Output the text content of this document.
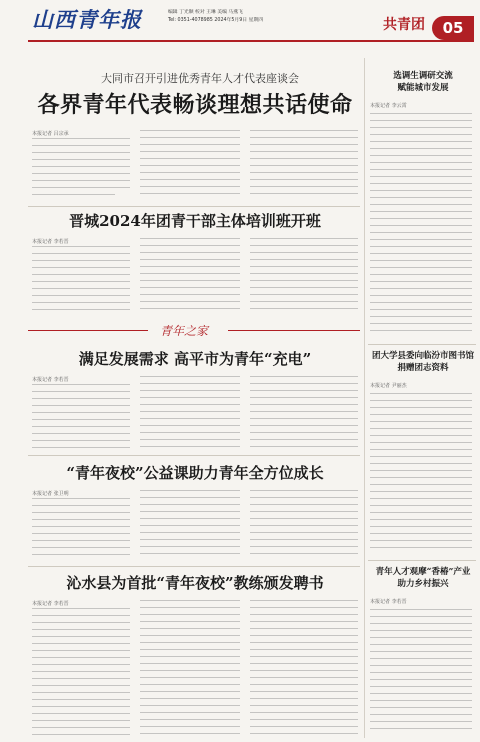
山西青年报	编辑 丁光顺 校对 王琳 美编 马燕飞
Tel: 0351-4078985 2024年5月9日 星期四	共青团	05
大同市召开引进优秀青年人才代表座谈会
各界青年代表畅谈理想共话使命
本报记者 吕宗承
晋城2024年团青干部主体培训班开班
本报记者 李若晋
青年之家
满足发展需求 高平市为青年“充电”
本报记者 李若晋
“青年夜校”公益课助力青年全方位成长
本报记者 张卫明
沁水县为首批“青年夜校”教练颁发聘书
本报记者 李若晋
选调生调研交流
赋能城市发展
本报记者 李云霄
团大学县委向临汾市图书馆
捐赠团志资料
本报记者 尹丽杰
青年人才观摩“香椿”产业
助力乡村振兴
本报记者 李若晋
